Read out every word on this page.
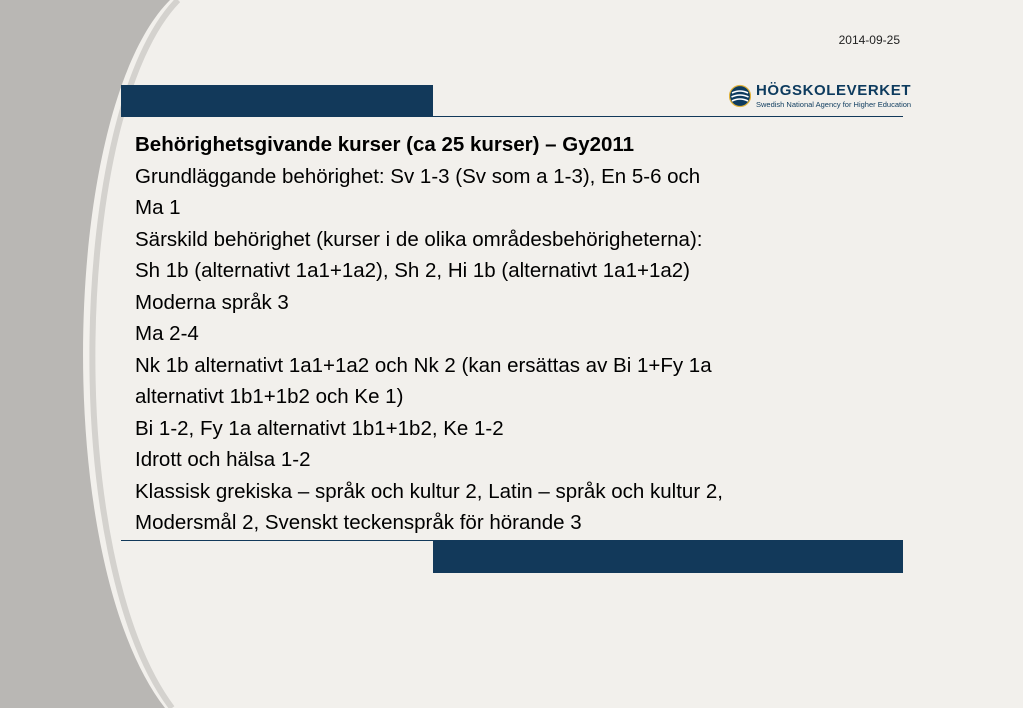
2014-09-25
HÖGSKOLEVERKET
Swedish National Agency for Higher Education
Behörighetsgivande kurser (ca 25 kurser) – Gy2011
Grundläggande behörighet: Sv 1-3 (Sv som a 1-3), En 5-6 och
Ma 1
Särskild behörighet (kurser i de olika områdesbehörigheterna):
Sh 1b (alternativt 1a1+1a2), Sh 2, Hi 1b (alternativt 1a1+1a2)
Moderna språk 3
Ma 2-4
Nk 1b alternativt 1a1+1a2 och Nk 2 (kan ersättas av Bi 1+Fy 1a
alternativt 1b1+1b2 och Ke 1)
Bi 1-2, Fy 1a alternativt 1b1+1b2, Ke 1-2
Idrott och hälsa 1-2
Klassisk grekiska – språk och kultur 2, Latin – språk och kultur 2,
Modersmål 2, Svenskt teckenspråk för hörande 3
